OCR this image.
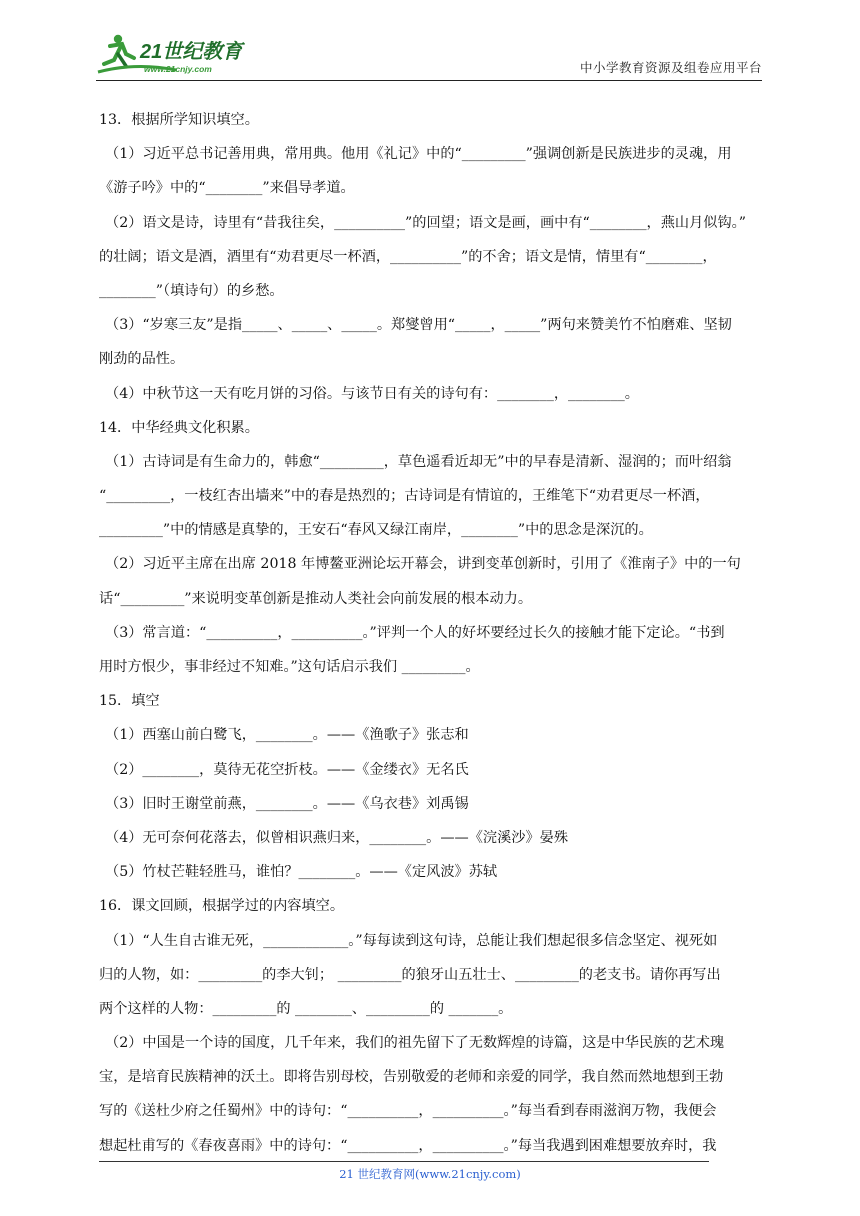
21世纪教育
www.21cnjy.com	中小学教育资源及组卷应用平台
13．根据所学知识填空。
（1）习近平总书记善用典，常用典。他用《礼记》中的“_________”强调创新是民族进步的灵魂，用
《游子吟》中的“________”来倡导孝道。
（2）语文是诗，诗里有“昔我往矣，__________”的回望；语文是画，画中有“________，燕山月似钩。”
的壮阔；语文是酒，酒里有“劝君更尽一杯酒，__________”的不舍；语文是情，情里有“________，
________”（填诗句）的乡愁。
（3）“岁寒三友”是指_____、_____、_____。郑燮曾用“_____，_____”两句来赞美竹不怕磨难、坚韧
刚劲的品性。
（4）中秋节这一天有吃月饼的习俗。与该节日有关的诗句有：________，________。
14．中华经典文化积累。
（1）古诗词是有生命力的，韩愈“_________，草色遥看近却无”中的早春是清新、湿润的；而叶绍翁
“_________，一枝红杏出墙来”中的春是热烈的；古诗词是有情谊的，王维笔下“劝君更尽一杯酒，
_________”中的情感是真挚的，王安石“春风又绿江南岸，________”中的思念是深沉的。
（2）习近平主席在出席 2018 年博鳌亚洲论坛开幕会，讲到变革创新时，引用了《淮南子》中的一句
话“_________”来说明变革创新是推动人类社会向前发展的根本动力。
（3）常言道：“__________，__________。”评判一个人的好坏要经过长久的接触才能下定论。“书到
用时方恨少，事非经过不知难。”这句话启示我们 _________。
15．填空
（1）西塞山前白鹭飞，________。——《渔歌子》张志和
（2）________，莫待无花空折枝。——《金缕衣》无名氏
（3）旧时王谢堂前燕，________。——《乌衣巷》刘禹锡
（4）无可奈何花落去，似曾相识燕归来，________。——《浣溪沙》晏殊
（5）竹杖芒鞋轻胜马，谁怕？________。——《定风波》苏轼
16．课文回顾，根据学过的内容填空。
（1）“人生自古谁无死，____________。”每每读到这句诗，总能让我们想起很多信念坚定、视死如
归的人物，如：_________的李大钊； _________的狼牙山五壮士、_________的老支书。请你再写出
两个这样的人物：_________的 ________、_________的 _______。
（2）中国是一个诗的国度，几千年来，我们的祖先留下了无数辉煌的诗篇，这是中华民族的艺术瑰
宝，是培育民族精神的沃土。即将告别母校，告别敬爱的老师和亲爱的同学，我自然而然地想到王勃
写的《送杜少府之任蜀州》中的诗句：“__________，__________。”每当看到春雨滋润万物，我便会
想起杜甫写的《春夜喜雨》中的诗句：“__________，__________。”每当我遇到困难想要放弃时，我
21 世纪教育网(www.21cnjy.com)
